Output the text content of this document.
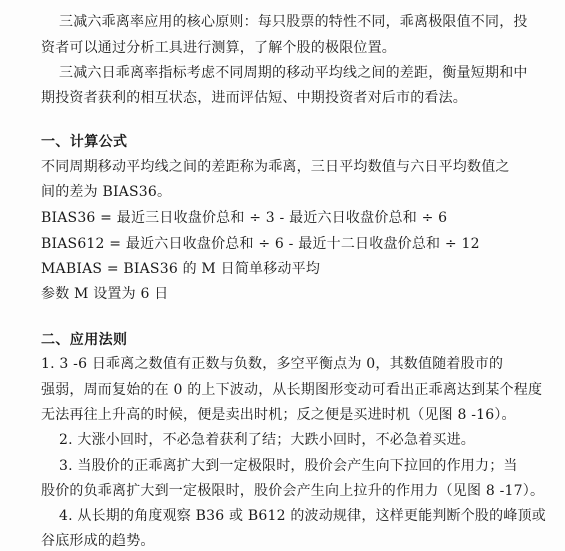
三减六乖离率应用的核心原则：每只股票的特性不同，乖离极限值不同，投
资者可以通过分析工具进行测算，了解个股的极限位置。
三减六日乖离率指标考虑不同周期的移动平均线之间的差距，衡量短期和中
期投资者获利的相互状态，进而评估短、中期投资者对后市的看法。
一、计算公式
不同周期移动平均线之间的差距称为乖离，三日平均数值与六日平均数值之
间的差为 BIAS36。
BIAS36 = 最近三日收盘价总和 ÷ 3 - 最近六日收盘价总和 ÷ 6
BIAS612 = 最近六日收盘价总和 ÷ 6 - 最近十二日收盘价总和 ÷ 12
MABIAS = BIAS36 的 M 日简单移动平均
参数 M 设置为 6 日
二、应用法则
1. 3 -6 日乖离之数值有正数与负数，多空平衡点为 0，其数值随着股市的
强弱，周而复始的在 0 的上下波动，从长期图形变动可看出正乖离达到某个程度
无法再往上升高的时候，便是卖出时机；反之便是买进时机（见图 8 -16）。
2. 大涨小回时，不必急着获利了结；大跌小回时，不必急着买进。
3. 当股价的正乖离扩大到一定极限时，股价会产生向下拉回的作用力；当
股价的负乖离扩大到一定极限时，股价会产生向上拉升的作用力（见图 8 -17）。
4. 从长期的角度观察 B36 或 B612 的波动规律，这样更能判断个股的峰顶或
谷底形成的趋势。
